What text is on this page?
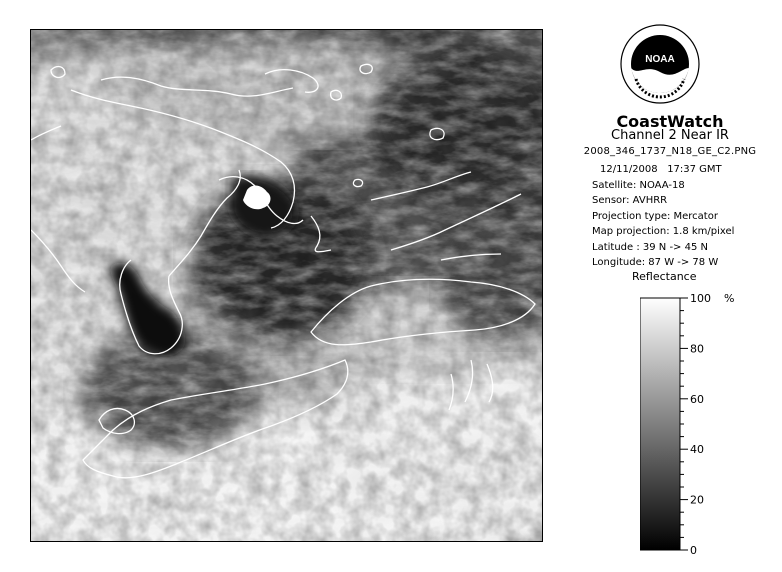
NOAA
CoastWatch
Channel 2 Near IR
2008_346_1737_N18_GE_C2.PNG
12/11/2008 17:37 GMT
Satellite: NOAA-18
Sensor: AVHRR
Projection type: Mercator
Map projection: 1.8 km/pixel
Latitude : 39 N -> 45 N
Longitude: 87 W -> 78 W
Reflectance
100
80
60
40
20
0
%
